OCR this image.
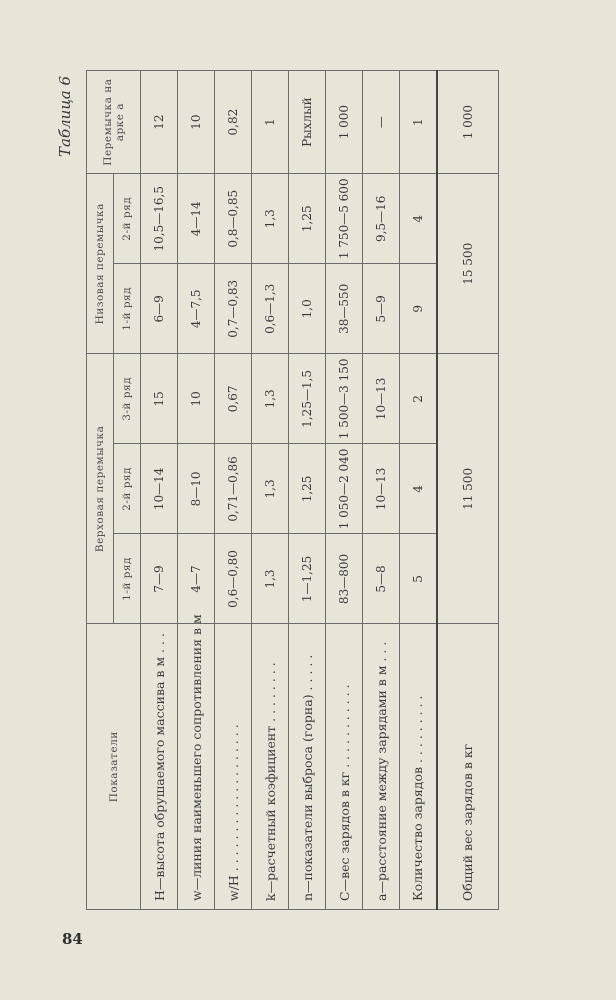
84
Таблица 6
Показатели	Верховая перемычка			Низовая перемычка		Перемычка на арке а
	1-й ряд	2-й ряд	3-й ряд	1-й ряд	2-й ряд	
H—высота обрушаемого массива в м . . .	7—9	10—14	15	6—9	10,5—16,5	12
w—линия наименьшего сопротивления в м	4—7	8—10	10	4—7,5	4—14	10
w/H . . . . . . . . . . . . . . . . . . .	0,6—0,80	0,71—0,86	0,67	0,7—0,83	0,8—0,85	0,82
k—расчетный коэфициент . . . . . . . .	1,3	1,3	1,3	0,6—1,3	1,3	1
n—показатели выброса (горна) . . . . .	1—1,25	1,25	1,25—1,5	1,0	1,25	Рыхлый
C—вес зарядов в кг . . . . . . . . . . .	83—800	1 050—2 040	1 500—3 150	38—550	1 750—5 600	1 000
a—расстояние между зарядами в м . . .	5—8	10—13	10—13	5—9	9,5—16	—
Количество зарядов . . . . . . . . .	5	4	2	9	4	1
Общий вес зарядов в кг	11 500			15 500		1 000
